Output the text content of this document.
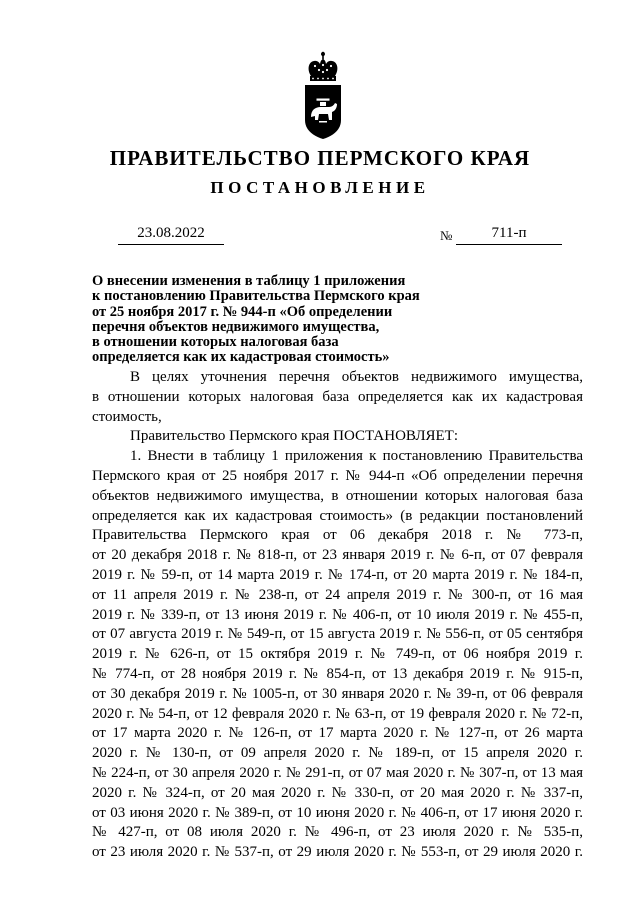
ПРАВИТЕЛЬСТВО ПЕРМСКОГО КРАЯ
ПОСТАНОВЛЕНИЕ
23.08.2022	№	711-п
О внесении изменения в таблицу 1 приложения
к постановлению Правительства Пермского края
от 25 ноября 2017 г. № 944-п «Об определении
перечня объектов недвижимого имущества,
в отношении которых налоговая база
определяется как их кадастровая стоимость»
В целях уточнения перечня объектов недвижимого имущества,
в отношении которых налоговая база определяется как их кадастровая
стоимость,
Правительство Пермского края ПОСТАНОВЛЯЕТ:
1. Внести в таблицу 1 приложения к постановлению Правительства
Пермского края от 25 ноября 2017 г. № 944-п «Об определении перечня
объектов недвижимого имущества, в отношении которых налоговая база
определяется как их кадастровая стоимость» (в редакции постановлений
Правительства Пермского края от 06 декабря 2018 г. № 773-п,
от 20 декабря 2018 г. № 818-п, от 23 января 2019 г. № 6-п, от 07 февраля
2019 г. № 59-п, от 14 марта 2019 г. № 174-п, от 20 марта 2019 г. № 184-п,
от 11 апреля 2019 г. № 238-п, от 24 апреля 2019 г. № 300-п, от 16 мая
2019 г. № 339-п, от 13 июня 2019 г. № 406-п, от 10 июля 2019 г. № 455-п,
от 07 августа 2019 г. № 549-п, от 15 августа 2019 г. № 556-п, от 05 сентября
2019 г. № 626-п, от 15 октября 2019 г. № 749-п, от 06 ноября 2019 г.
№ 774-п, от 28 ноября 2019 г. № 854-п, от 13 декабря 2019 г. № 915-п,
от 30 декабря 2019 г. № 1005-п, от 30 января 2020 г. № 39-п, от 06 февраля
2020 г. № 54-п, от 12 февраля 2020 г. № 63-п, от 19 февраля 2020 г. № 72-п,
от 17 марта 2020 г. № 126-п, от 17 марта 2020 г. № 127-п, от 26 марта
2020 г. № 130-п, от 09 апреля 2020 г. № 189-п, от 15 апреля 2020 г.
№ 224-п, от 30 апреля 2020 г. № 291-п, от 07 мая 2020 г. № 307-п, от 13 мая
2020 г. № 324-п, от 20 мая 2020 г. № 330-п, от 20 мая 2020 г. № 337-п,
от 03 июня 2020 г. № 389-п, от 10 июня 2020 г. № 406-п, от 17 июня 2020 г.
№ 427-п, от 08 июля 2020 г. № 496-п, от 23 июля 2020 г. № 535-п,
от 23 июля 2020 г. № 537-п, от 29 июля 2020 г. № 553-п, от 29 июля 2020 г.
